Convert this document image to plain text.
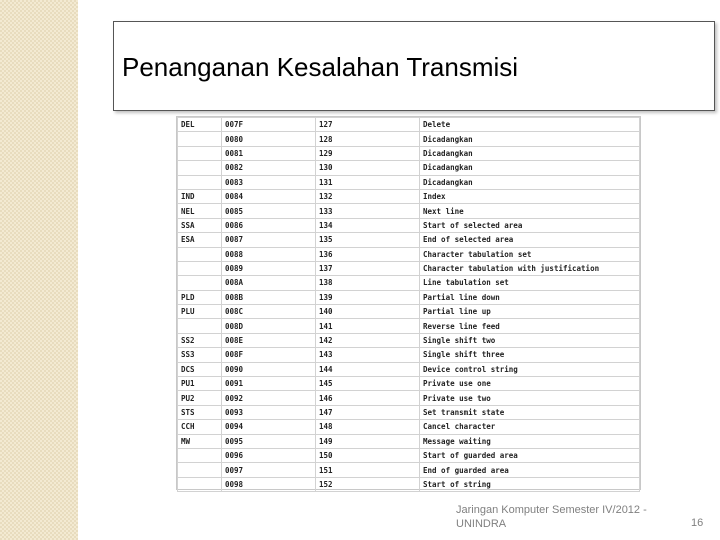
Penanganan Kesalahan Transmisi
DEL	007F	127	Delete
	0080	128	Dicadangkan
	0081	129	Dicadangkan
	0082	130	Dicadangkan
	0083	131	Dicadangkan
IND	0084	132	Index
NEL	0085	133	Next line
SSA	0086	134	Start of selected area
ESA	0087	135	End of selected area
	0088	136	Character tabulation set
	0089	137	Character tabulation with justification
	008A	138	Line tabulation set
PLD	008B	139	Partial line down
PLU	008C	140	Partial line up
	008D	141	Reverse line feed
SS2	008E	142	Single shift two
SS3	008F	143	Single shift three
DCS	0090	144	Device control string
PU1	0091	145	Private use one
PU2	0092	146	Private use two
STS	0093	147	Set transmit state
CCH	0094	148	Cancel character
MW	0095	149	Message waiting
	0096	150	Start of guarded area
	0097	151	End of guarded area
	0098	152	Start of string
Jaringan Komputer Semester IV/2012 -
UNINDRA	16
